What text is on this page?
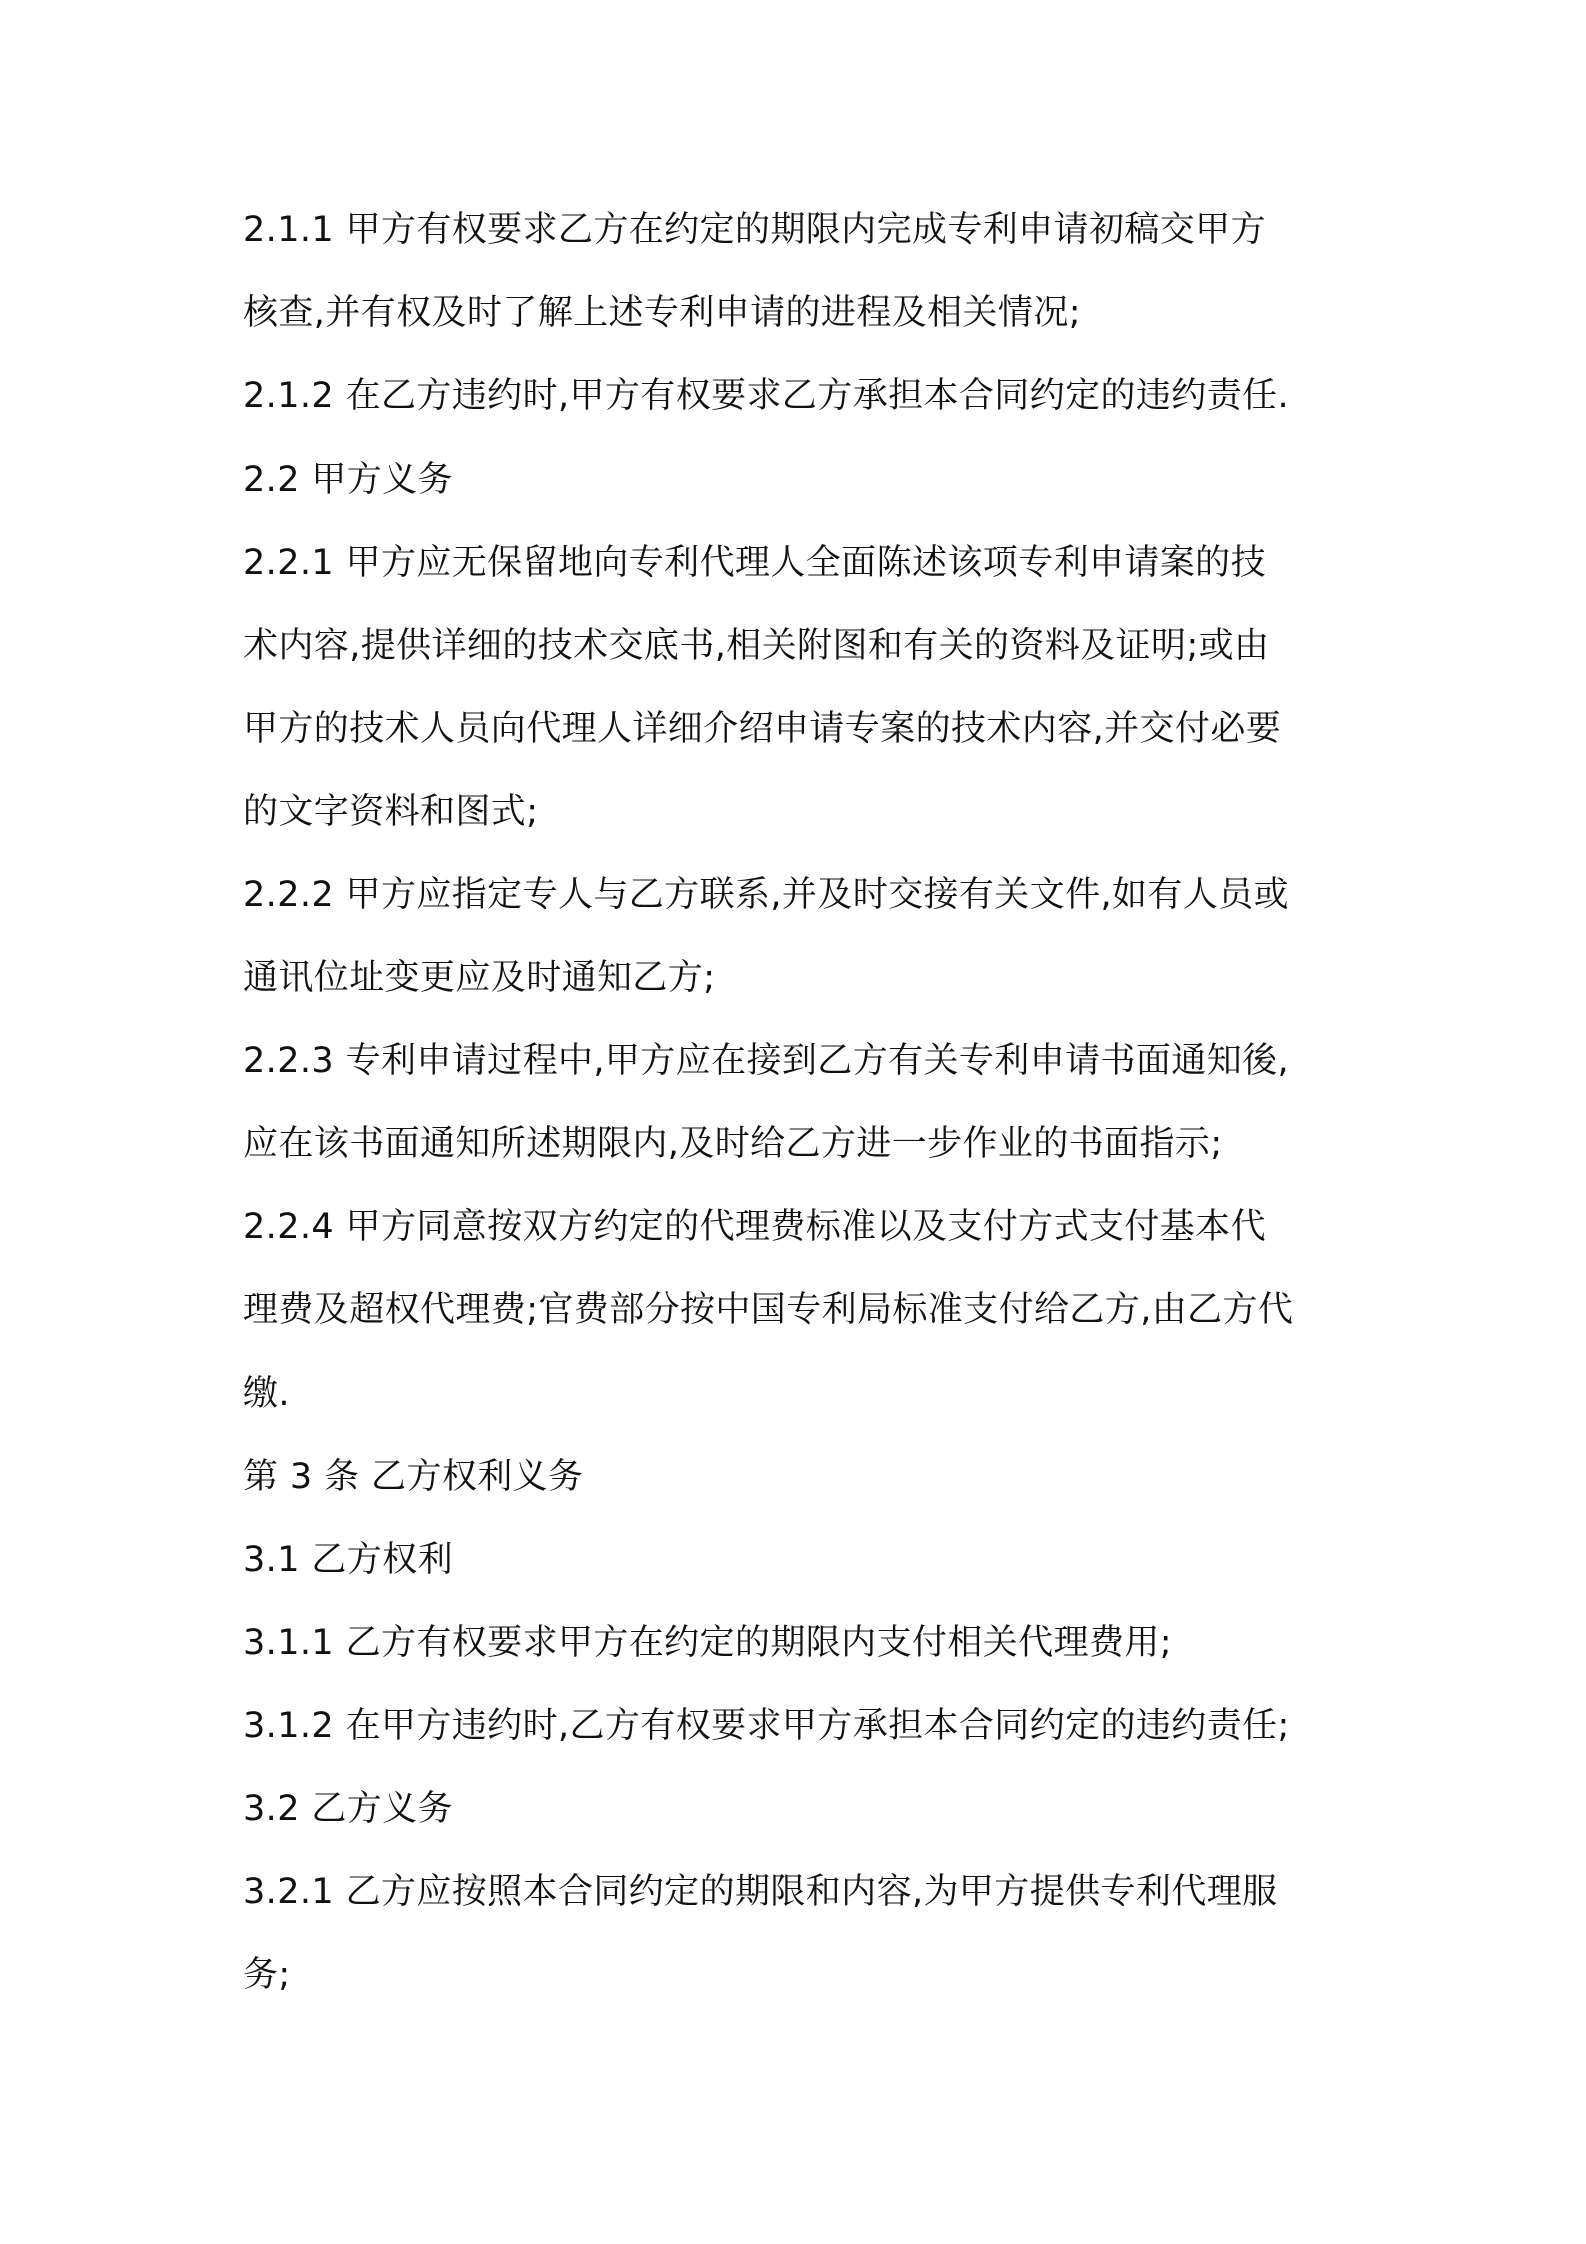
2.1.1 甲方有权要求乙方在约定的期限内完成专利申请初稿交甲方
核查,并有权及时了解上述专利申请的进程及相关情况;
2.1.2 在乙方违约时,甲方有权要求乙方承担本合同约定的违约责任.
2.2 甲方义务
2.2.1 甲方应无保留地向专利代理人全面陈述该项专利申请案的技
术内容,提供详细的技术交底书,相关附图和有关的资料及证明;或由
甲方的技术人员向代理人详细介绍申请专案的技术内容,并交付必要
的文字资料和图式;
2.2.2 甲方应指定专人与乙方联系,并及时交接有关文件,如有人员或
通讯位址变更应及时通知乙方;
2.2.3 专利申请过程中,甲方应在接到乙方有关专利申请书面通知後,
应在该书面通知所述期限内,及时给乙方进一步作业的书面指示;
2.2.4 甲方同意按双方约定的代理费标准以及支付方式支付基本代
理费及超权代理费;官费部分按中国专利局标准支付给乙方,由乙方代
缴.
第 3 条 乙方权利义务
3.1 乙方权利
3.1.1 乙方有权要求甲方在约定的期限内支付相关代理费用;
3.1.2 在甲方违约时,乙方有权要求甲方承担本合同约定的违约责任;
3.2 乙方义务
3.2.1 乙方应按照本合同约定的期限和内容,为甲方提供专利代理服
务;
